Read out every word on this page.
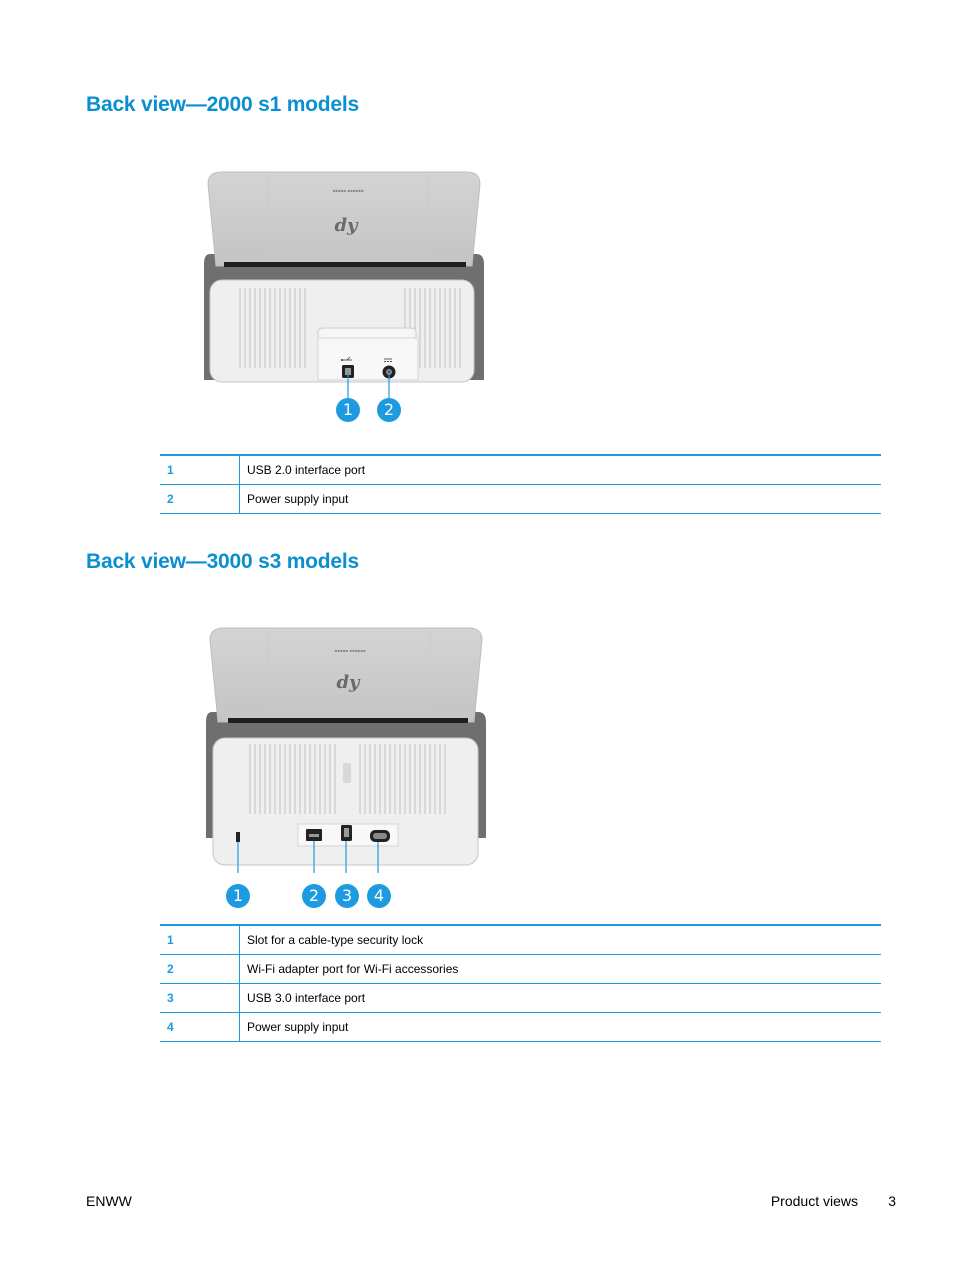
Back view—2000 s1 models
▪▪▪▪▪ ▪▪▪▪▪▪
dy
1	2
1	USB 2.0 interface port
2	Power supply input
Back view—3000 s3 models
▪▪▪▪▪ ▪▪▪▪▪▪
dy
1	2	3	4
1	Slot for a cable-type security lock
2	Wi-Fi adapter port for Wi-Fi accessories
3	USB 3.0 interface port
4	Power supply input
ENWW	Product views 3
